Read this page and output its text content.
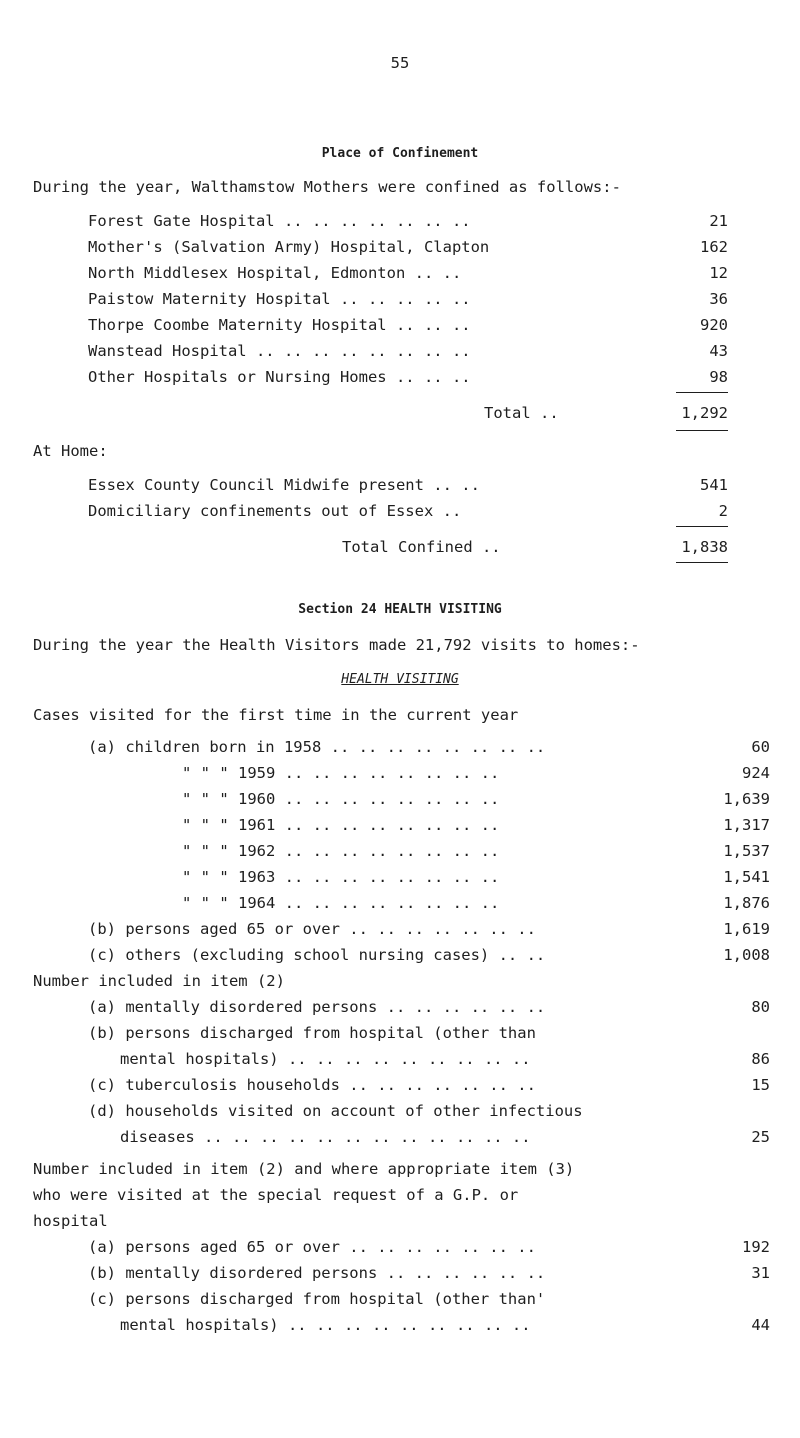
55
Place of Confinement
During the year, Walthamstow Mothers were confined as follows:-
Forest Gate Hospital .. .. .. .. .. .. ..	21
Mother's (Salvation Army) Hospital, Clapton	162
North Middlesex Hospital, Edmonton .. ..	12
Paistow Maternity Hospital .. .. .. .. ..	36
Thorpe Coombe Maternity Hospital .. .. ..	920
Wanstead Hospital .. .. .. .. .. .. .. ..	43
Other Hospitals or Nursing Homes .. .. ..	98
Total ..	1,292
At Home:
Essex County Council Midwife present .. ..	541
Domiciliary confinements out of Essex ..	2
Total Confined ..	1,838
Section 24 HEALTH VISITING
During the year the Health Visitors made 21,792 visits to homes:-
HEALTH VISITING
Cases visited for the first time in the current year
(a) children born in 1958 .. .. .. .. .. .. .. ..	60
" " " 1959 .. .. .. .. .. .. .. ..	924
" " " 1960 .. .. .. .. .. .. .. ..	1,639
" " " 1961 .. .. .. .. .. .. .. ..	1,317
" " " 1962 .. .. .. .. .. .. .. ..	1,537
" " " 1963 .. .. .. .. .. .. .. ..	1,541
" " " 1964 .. .. .. .. .. .. .. ..	1,876
(b) persons aged 65 or over .. .. .. .. .. .. ..	1,619
(c) others (excluding school nursing cases) .. ..	1,008
Number included in item (2)
(a) mentally disordered persons .. .. .. .. .. ..	80
(b) persons discharged from hospital (other than
mental hospitals) .. .. .. .. .. .. .. .. ..	86
(c) tuberculosis households .. .. .. .. .. .. ..	15
(d) households visited on account of other infectious
diseases .. .. .. .. .. .. .. .. .. .. .. ..	25
Number included in item (2) and where appropriate item (3)
who were visited at the special request of a G.P. or
hospital
(a) persons aged 65 or over .. .. .. .. .. .. ..	192
(b) mentally disordered persons .. .. .. .. .. ..	31
(c) persons discharged from hospital (other than'
mental hospitals) .. .. .. .. .. .. .. .. ..	44
